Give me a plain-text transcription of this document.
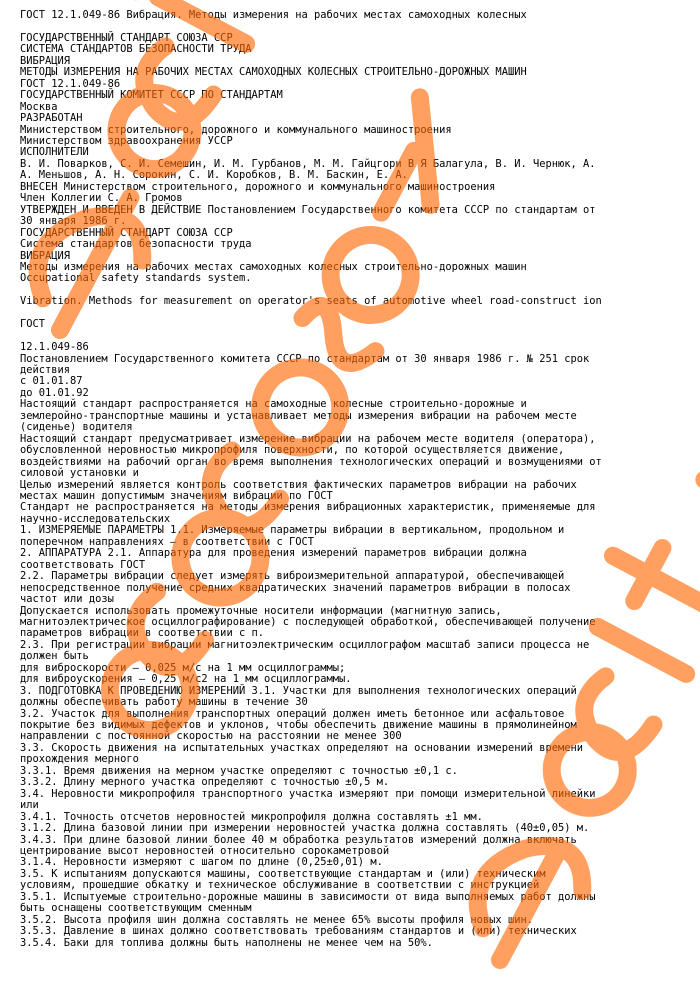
ГОСТ 12.1.049-86 Вибрация. Методы измерения на рабочих местах самоходных колесных
ГОСУДАРСТВЕННЫЙ СТАНДАРТ СОЮЗА ССР
СИСТЕМА СТАНДАРТОВ БЕЗОПАСНОСТИ ТРУДА
ВИБРАЦИЯ
МЕТОДЫ ИЗМЕРЕНИЯ НА РАБОЧИХ МЕСТАХ САМОХОДНЫХ КОЛЕСНЫХ СТРОИТЕЛЬНО-ДОРОЖНЫХ МАШИН
ГОСТ 12.1.049-86
ГОСУДАРСТВЕННЫЙ КОМИТЕТ СССР ПО СТАНДАРТАМ
Москва
РАЗРАБОТАН
Министерством строительного, дорожного и коммунального машиностроения
Министерством здравоохранения УССР
ИСПОЛНИТЕЛИ
В. И. Поварков, С. И. Семешин, И. М. Гурбанов, М. М. Гайцгори В Я Балагула, В. И. Чернюк, А.
А. Меньшов, А. Н. Сорокин, С. И. Коробков, В. М. Баскин, Е. А.
ВНЕСЕН Министерством строительного, дорожного и коммунального машиностроения
Член Коллегии С. А. Громов
УТВЕРЖДЕН И ВВЕДЕН В ДЕЙСТВИЕ Постановлением Государственного комитета СССР по стандартам от
30 января 1986 г.
ГОСУДАРСТВЕННЫЙ СТАНДАРТ СОЮЗА ССР
Система стандартов безопасности труда
ВИБРАЦИЯ
Методы измерения на рабочих местах самоходных колесных строительно-дорожных машин
Occupational safety standards system.
Vibration. Methods for measurement on operator's seats of automotive wheel road-construct ion
ГОСТ
12.1.049-86
Постановлением Государственного комитета СССР по стандартам от 30 января 1986 г. № 251 срок
действия
с 01.01.87
до 01.01.92
Настоящий стандарт распространяется на самоходные колесные строительно-дорожные и
землеройно-транспортные машины и устанавливает методы измерения вибрации на рабочем месте
(сиденье) водителя
Настоящий стандарт предусматривает измерение вибрации на рабочем месте водителя (оператора),
обусловленной неровностью микропрофиля поверхности, по которой осуществляется движение,
воздействиями на рабочий орган во время выполнения технологических операций и возмущениями от
силовой установки и
Целью измерений является контроль соответствия фактических параметров вибрации на рабочих
местах машин допустимым значениям вибрации по ГОСТ
Стандарт не распространяется на методы измерения вибрационных характеристик, применяемые для
научно-исследовательских
1. ИЗМЕРЯЕМЫЕ ПАРАМЕТРЫ 1.1. Измеряемые параметры вибрации в вертикальном, продольном и
поперечном направлениях — в соответствии с ГОСТ
2. АППАРАТУРА 2.1. Аппаратура для проведения измерений параметров вибрации должна
соответствовать ГОСТ
2.2. Параметры вибрации следует измерять виброизмерительной аппаратурой, обеспечивающей
непосредственное получение средних квадратических значений параметров вибрации в полосах
частот или дозы
Допускается использовать промежуточные носители информации (магнитную запись,
магнитоэлектрическое осциллографирование) с последующей обработкой, обеспечивающей получение
параметров вибрации в соответствии с п.
2.3. При регистрации вибрации магнитоэлектрическим осциллографом масштаб записи процесса не
должен быть
для виброскорости — 0,025 м/с на 1 мм осциллограммы;
для виброускорения — 0,25 м/с2 на 1 мм осциллограммы.
3. ПОДГОТОВКА К ПРОВЕДЕНИЮ ИЗМЕРЕНИЙ 3.1. Участки для выполнения технологических операций
должны обеспечивать работу машины в течение 30
3.2. Участок для выполнения транспортных операций должен иметь бетонное или асфальтовое
покрытие без видимых дефектов и уклонов, чтобы обеспечить движение машины в прямолинейном
направлении с постоянной скоростью на расстоянии не менее 300
3.3. Скорость движения на испытательных участках определяют на основании измерений времени
прохождения мерного
3.3.1. Время движения на мерном участке определяют с точностью ±0,1 с.
3.3.2. Длину мерного участка определяют с точностью ±0,5 м.
3.4. Неровности микропрофиля транспортного участка измеряют при помощи измерительной линейки
или
3.4.1. Точность отсчетов неровностей микропрофиля должна составлять ±1 мм.
3.1.2. Длина базовой линии при измерении неровностей участка должна составлять (40±0,05) м.
3.4.3. При длине базовой линии более 40 м обработка результатов измерений должна включать
центрирование высот неровностей относительно сорокаметровой
3.1.4. Неровности измеряют с шагом по длине (0,25±0,01) м.
3.5. К испытаниям допускаются машины, соответствующие стандартам и (или) техническим
условиям, прошедшие обкатку и техническое обслуживание в соответствии с инструкцией
3.5.1. Испытуемые строительно-дорожные машины в зависимости от вида выполняемых работ должны
быть оснащены соответствующим сменным
3.5.2. Высота профиля шин должна составлять не менее 65% высоты профиля новых шин.
3.5.3. Давление в шинах должно соответствовать требованиям стандартов и (или) технических
3.5.4. Баки для топлива должны быть наполнены не менее чем на 50%.
